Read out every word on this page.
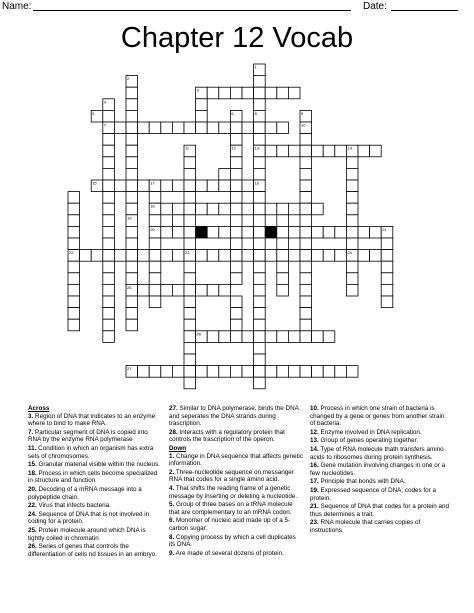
Name:	Date:
Chapter 12 Vocab
2
3
4
5	6	8	9
7	10
11	12	13	14
15	17	16
18
19
20	21
22	23	24
25
26
27
1
Across
3. Region of DNA that indicates to an enzyme where to bind to make RNA.
7. Particular segment of DNA is copied into RNA by the enzyme RNA polymerase
11. Condition in which an organism has extra sets of chromosomes.
15. Granular material visible within the nucleus.
18. Process in which cells become specialized in structure and function
20. Decoding of a mRNA message into a polypeptide chain.
22. Virus that infects bacteria.
24. Sequence of DNA that is not involved in coding for a protein.
25. Protein molecule around which DNA is tightly coiled in chromatin
26. Series of genes that controls the differentiation of cells nd tissues in an embryo.
27. Similar to DNA polymerase, binds the DNA and seperates the DNA strands during trascription.
28. Interacts with a regulatory protein that controls the trascription of the operon.
Down
1. Change in DNA sequence that affects genetic information.
2. Three-nucleotide sequence on messanger RNA that codes for a single amino acid.
4. That shifts the reading frame of a genetic message by inserting or deleting a nucleotide.
5. Group of three bases on a tRNA molecule that are complementary to an mRNA codon.
6. Monomer of nucleic acid made up of a 5-carbon sugar.
8. Copying process by which a cell duplicates its DNA.
9. Are made of several dozens of protein.
10. Process in which one strain of bacteria is changed by a gene or genes from another strain of bacteria.
12. Enzyme involved in DNA replication.
13. Group of genes operating together.
14. Type of RNA molecule thath transfers amino acids to ribosomes during protein synthesis.
16. Gene mutation involving changes in one or a few nucleotides.
17. Principle that bonds with DNA.
19. Expressed sequence of DNA; codes for a protein.
21. Sequence of DNA that codes for a protein and thus determines a trait.
23. RNA molecule that carries copies of instructions.
